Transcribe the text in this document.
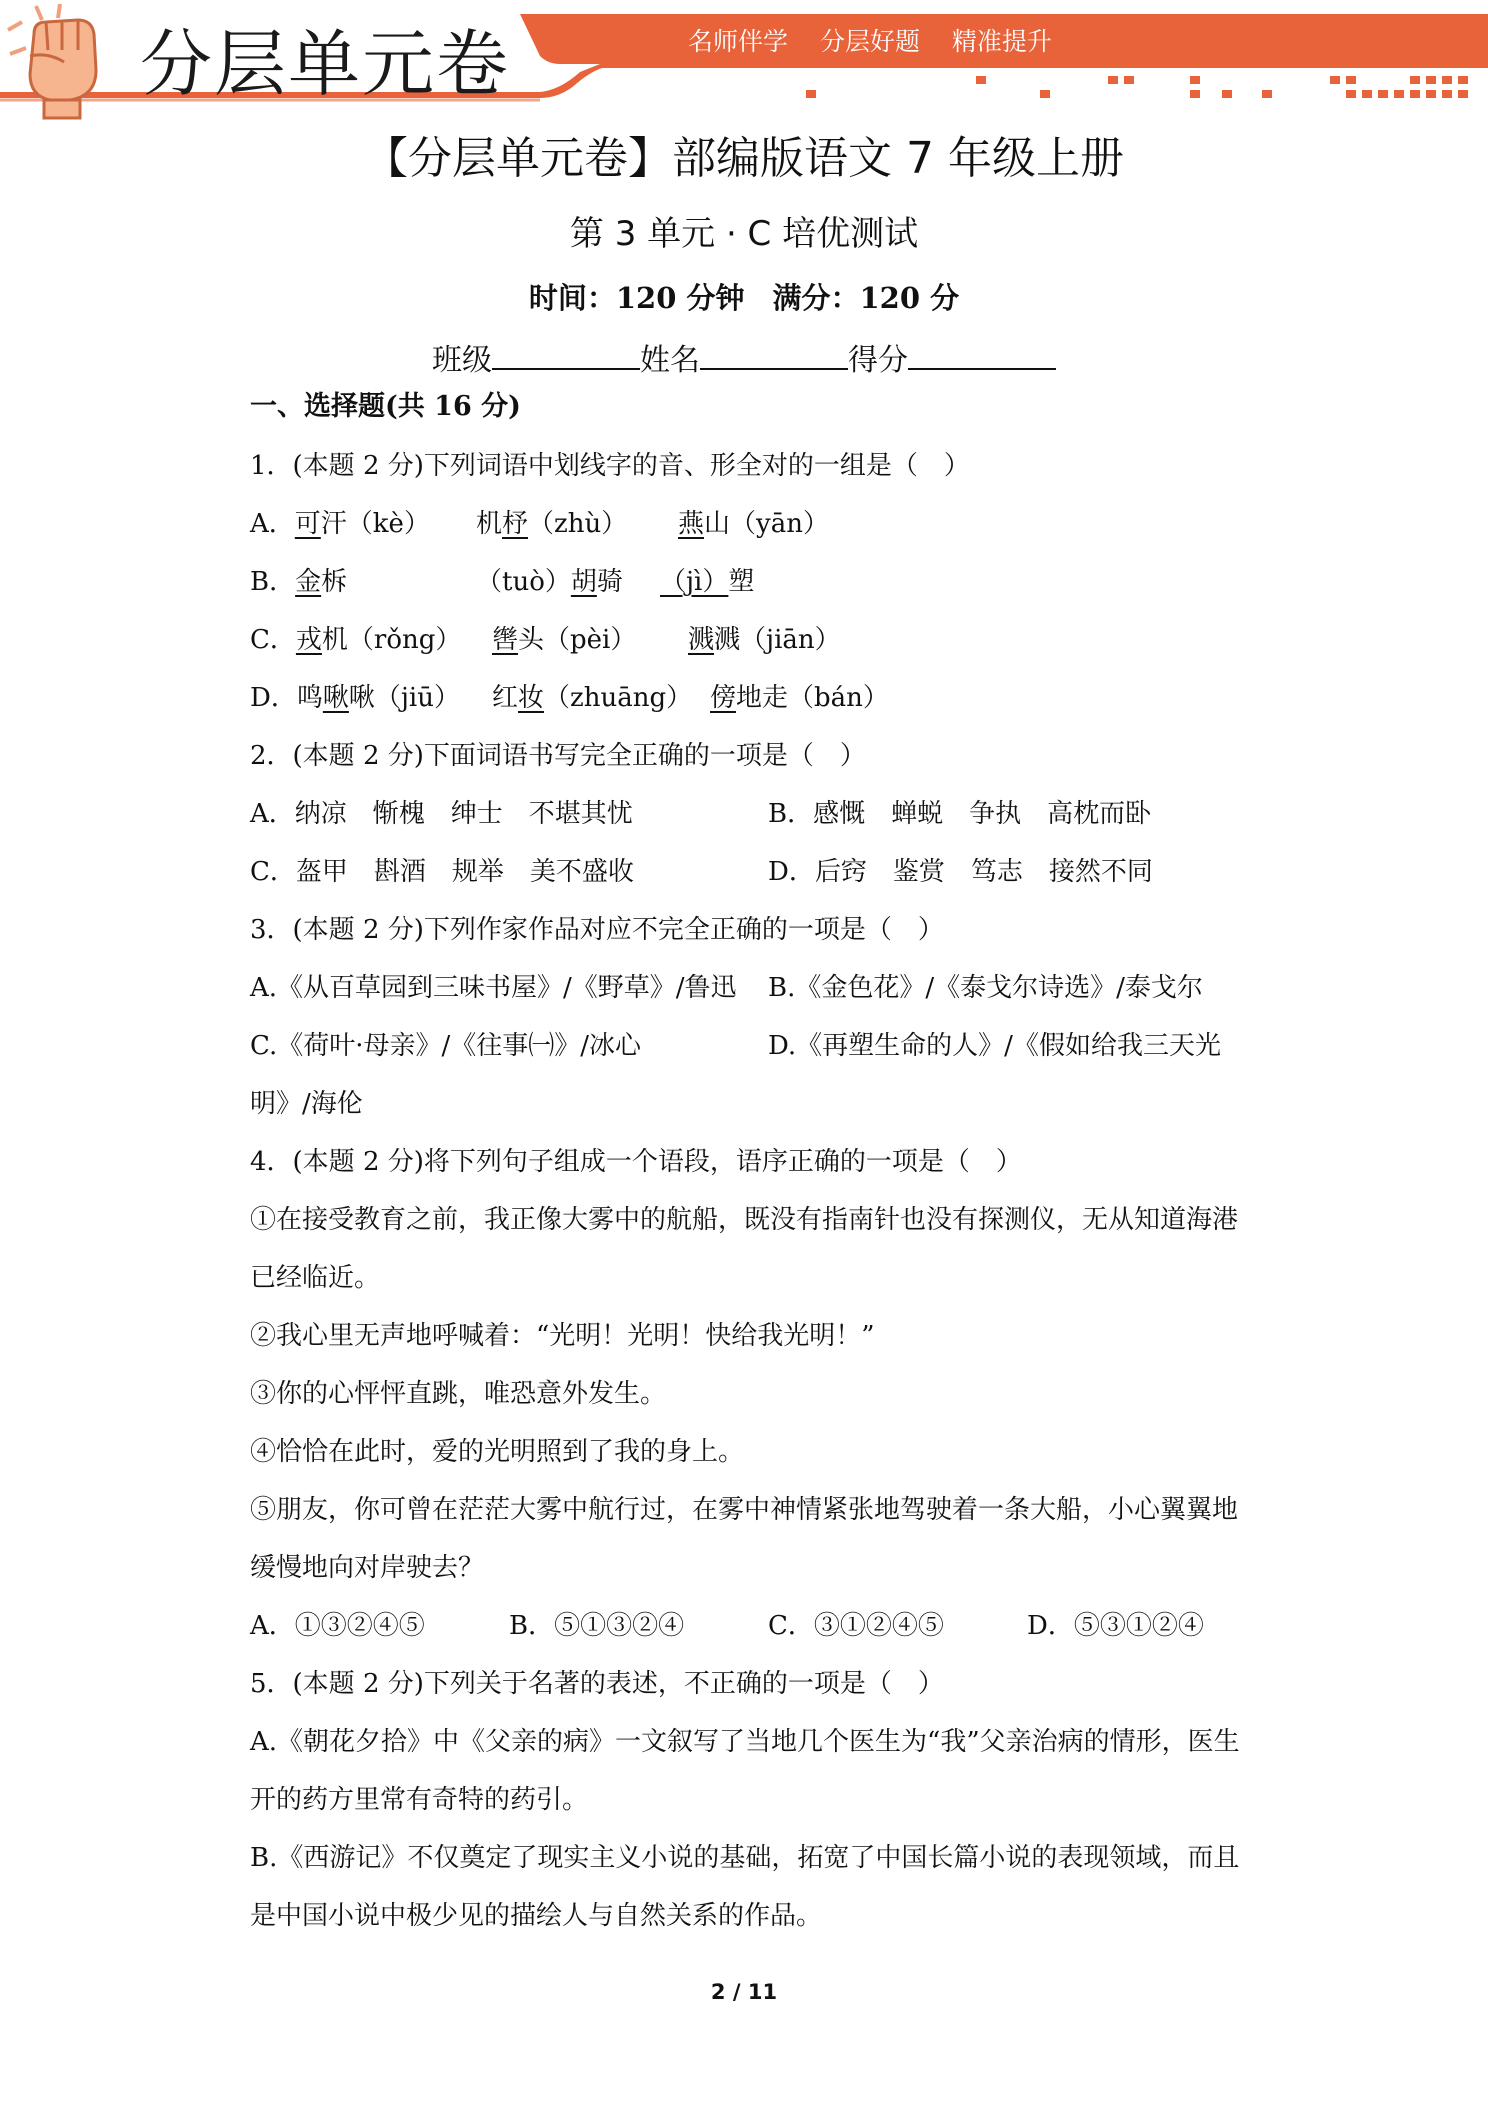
分层单元卷	名师伴学 分层好题 精准提升
【分层单元卷】部编版语文 7 年级上册
第 3 单元 · C 培优测试
时间：120 分钟 满分：120 分
班级	姓名	得分

一、选择题(共 16 分)

1．(本题 2 分)下列词语中划线字的音、形全对的一组是（　）

A．可汗（kè） 机杼（zhù） 燕山（yān）

B．金柝	（tuò）胡骑 （jì）塑

C．戎机（rǒng） 辔头（pèi） 溅溅（jiān）

D．鸣啾啾（jiū） 红妆（zhuāng） 傍地走（bán）

2．(本题 2 分)下面词语书写完全正确的一项是（　）

A．纳凉　惭槐　绅士　不堪其忧	B．感慨　蝉蜕　争执　高枕而卧

C．盔甲　斟酒　规举　美不盛收	D．后窍　鉴赏　笃志　接然不同

3．(本题 2 分)下列作家作品对应不完全正确的一项是（　）

A.《从百草园到三味书屋》/《野草》/鲁迅 B.《金色花》/《泰戈尔诗选》/泰戈尔

C.《荷叶·母亲》/《往事㈠》/冰心	D.《再塑生命的人》/《假如给我三天光明》/海伦

4．(本题 2 分)将下列句子组成一个语段，语序正确的一项是（　）

①在接受教育之前，我正像大雾中的航船，既没有指南针也没有探测仪，无从知道海港已经临近。

②我心里无声地呼喊着：“光明！光明！快给我光明！”

③你的心怦怦直跳，唯恐意外发生。

④恰恰在此时，爱的光明照到了我的身上。

⑤朋友，你可曾在茫茫大雾中航行过，在雾中神情紧张地驾驶着一条大船，小心翼翼地缓慢地向对岸驶去？

A．①③②④⑤	B．⑤①③②④	C．③①②④⑤	D．⑤③①②④

5．(本题 2 分)下列关于名著的表述，不正确的一项是（　）

A.《朝花夕拾》中《父亲的病》一文叙写了当地几个医生为“我”父亲治病的情形，医生开的药方里常有奇特的药引。

B.《西游记》不仅奠定了现实主义小说的基础，拓宽了中国长篇小说的表现领域，而且是中国小说中极少见的描绘人与自然关系的作品。

2 / 11
